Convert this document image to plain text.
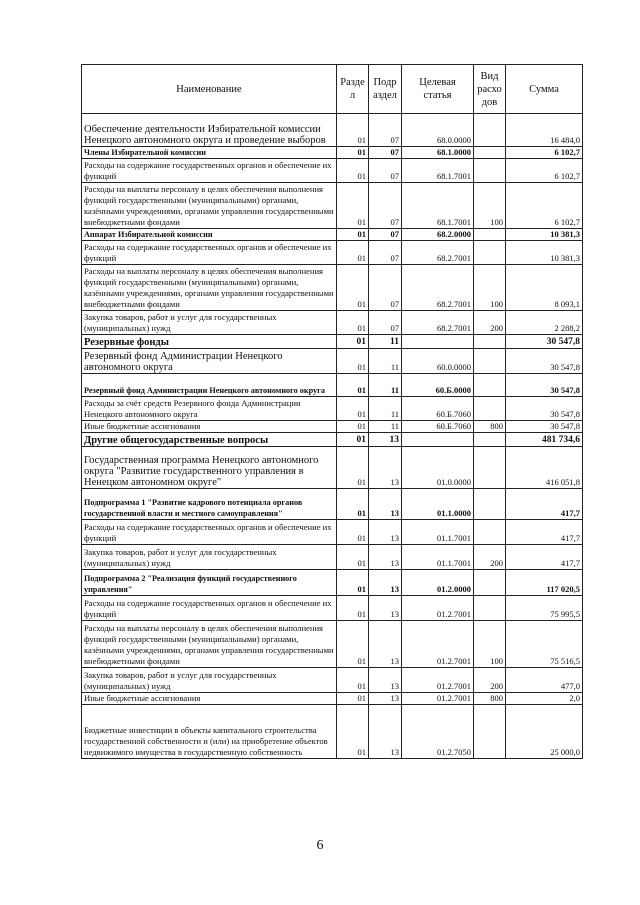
Наименование	Разде л	Подр аздел	Целевая статья	Вид расхо дов	Сумма
Обеспечение деятельности Избирательной комиссии Ненецкого автономного округа и проведение выборов	01	07	68.0.0000		16 484,0
Члены Избирательной комиссии	01	07	68.1.0000		6 102,7
Расходы на содержание государственных органов и обеспечение их функций	01	07	68.1.7001		6 102,7
Расходы на выплаты персоналу в целях обеспечения выполнения функций государственными (муниципальными) органами, казёнными учреждениями, органами управления государственными внебюджетными фондами	01	07	68.1.7001	100	6 102,7
Аппарат Избирательной комиссии	01	07	68.2.0000		10 381,3
Расходы на содержание государственных органов и обеспечение их функций	01	07	68.2.7001		10 381,3
Расходы на выплаты персоналу в целях обеспечения выполнения функций государственными (муниципальными) органами, казёнными учреждениями, органами управления государственными внебюджетными фондами	01	07	68.2.7001	100	8 093,1
Закупка товаров, работ и услуг для государственных (муниципальных) нужд	01	07	68.2.7001	200	2 288,2
Резервные фонды	01	11			30 547,8
Резервный фонд Администрации Ненецкого автономного округа	01	11	60.0.0000		30 547,8
Резервный фонд Администрации Ненецкого автономного округа	01	11	60.Б.0000		30 547,8
Расходы за счёт средств Резервного фонда Администрации Ненецкого автономного округа	01	11	60.Б.7060		30 547,8
Иные бюджетные ассигнования	01	11	60.Б.7060	800	30 547,8
Другие общегосударственные вопросы	01	13			481 734,6
Государственная программа Ненецкого автономного округа "Развитие государственного управления в Ненецком автономном округе"	01	13	01.0.0000		416 051,8
Подпрограмма 1 "Развитие кадрового потенциала органов государственной власти и местного самоуправления"	01	13	01.1.0000		417,7
Расходы на содержание государственных органов и обеспечение их функций	01	13	01.1.7001		417,7
Закупка товаров, работ и услуг для государственных (муниципальных) нужд	01	13	01.1.7001	200	417,7
Подпрограмма 2 "Реализация функций государственного управления"	01	13	01.2.0000		117 020,5
Расходы на содержание государственных органов и обеспечение их функций	01	13	01.2.7001		75 995,5
Расходы на выплаты персоналу в целях обеспечения выполнения функций государственными (муниципальными) органами, казёнными учреждениями, органами управления государственными внебюджетными фондами	01	13	01.2.7001	100	75 516,5
Закупка товаров, работ и услуг для государственных (муниципальных) нужд	01	13	01.2.7001	200	477,0
Иные бюджетные ассигнования	01	13	01.2.7001	800	2,0
Бюджетные инвестиции в объекты капитального строительства государственной собственности и (или) на приобретение объектов недвижимого имущества в государственную собственность	01	13	01.2.7050		25 000,0
6
